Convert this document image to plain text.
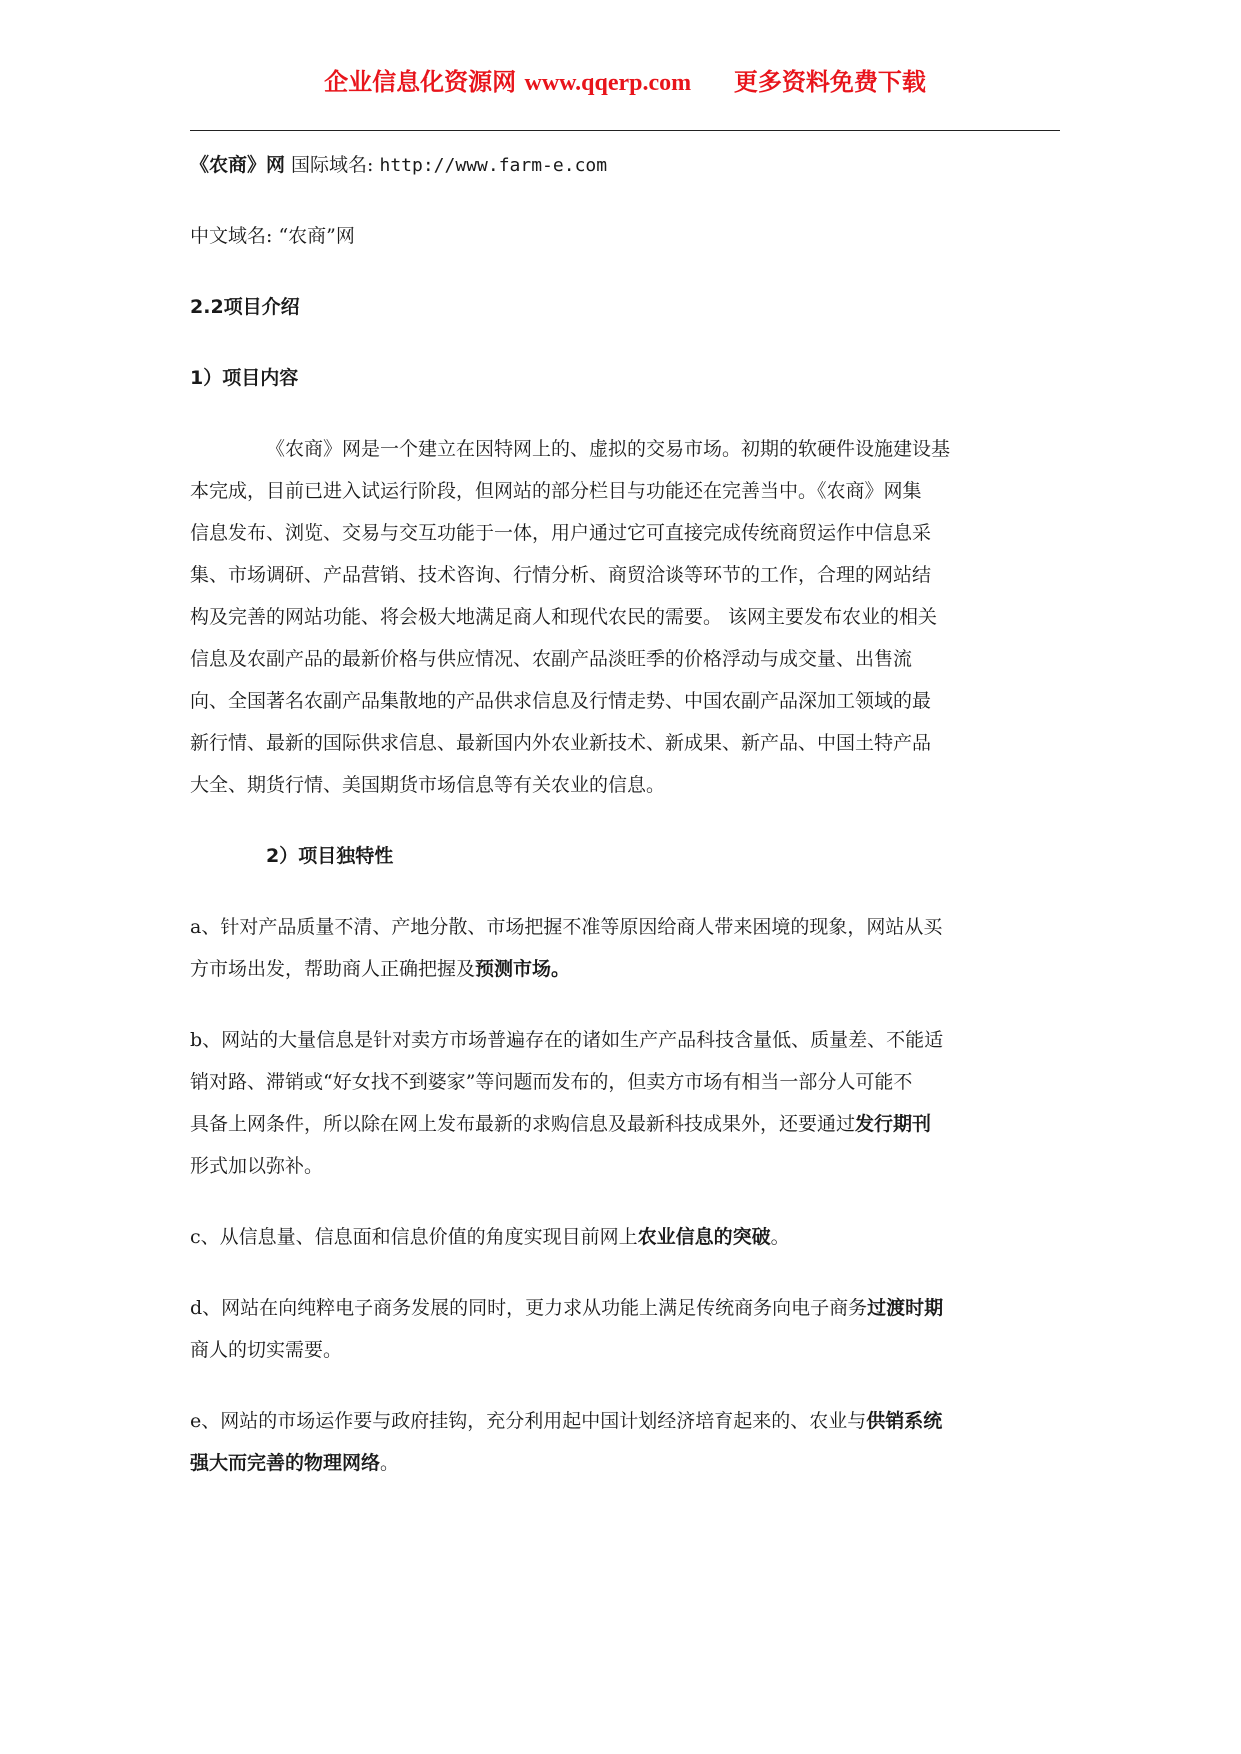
企业信息化资源网 www.qqerp.com 更多资料免费下载
《农商》网 国际域名: http://www.farm-e.com
中文域名: “农商”网
2.2项目介绍
1）项目内容
《农商》网是一个建立在因特网上的、虚拟的交易市场。初期的软硬件设施建设基
本完成，目前已进入试运行阶段，但网站的部分栏目与功能还在完善当中。《农商》网集
信息发布、浏览、交易与交互功能于一体，用户通过它可直接完成传统商贸运作中信息采
集、市场调研、产品营销、技术咨询、行情分析、商贸洽谈等环节的工作，合理的网站结
构及完善的网站功能、将会极大地满足商人和现代农民的需要。 该网主要发布农业的相关
信息及农副产品的最新价格与供应情况、农副产品淡旺季的价格浮动与成交量、出售流
向、全国著名农副产品集散地的产品供求信息及行情走势、中国农副产品深加工领域的最
新行情、最新的国际供求信息、最新国内外农业新技术、新成果、新产品、中国土特产品
大全、期货行情、美国期货市场信息等有关农业的信息。
2）项目独特性
a、针对产品质量不清、产地分散、市场把握不准等原因给商人带来困境的现象，网站从买
方市场出发，帮助商人正确把握及预测市场。
b、网站的大量信息是针对卖方市场普遍存在的诸如生产产品科技含量低、质量差、不能适
销对路、滞销或“好女找不到婆家”等问题而发布的，但卖方市场有相当一部分人可能不
具备上网条件，所以除在网上发布最新的求购信息及最新科技成果外，还要通过发行期刊
形式加以弥补。
c、从信息量、信息面和信息价值的角度实现目前网上农业信息的突破。
d、网站在向纯粹电子商务发展的同时，更力求从功能上满足传统商务向电子商务过渡时期
商人的切实需要。
e、网站的市场运作要与政府挂钩，充分利用起中国计划经济培育起来的、农业与供销系统
强大而完善的物理网络。
